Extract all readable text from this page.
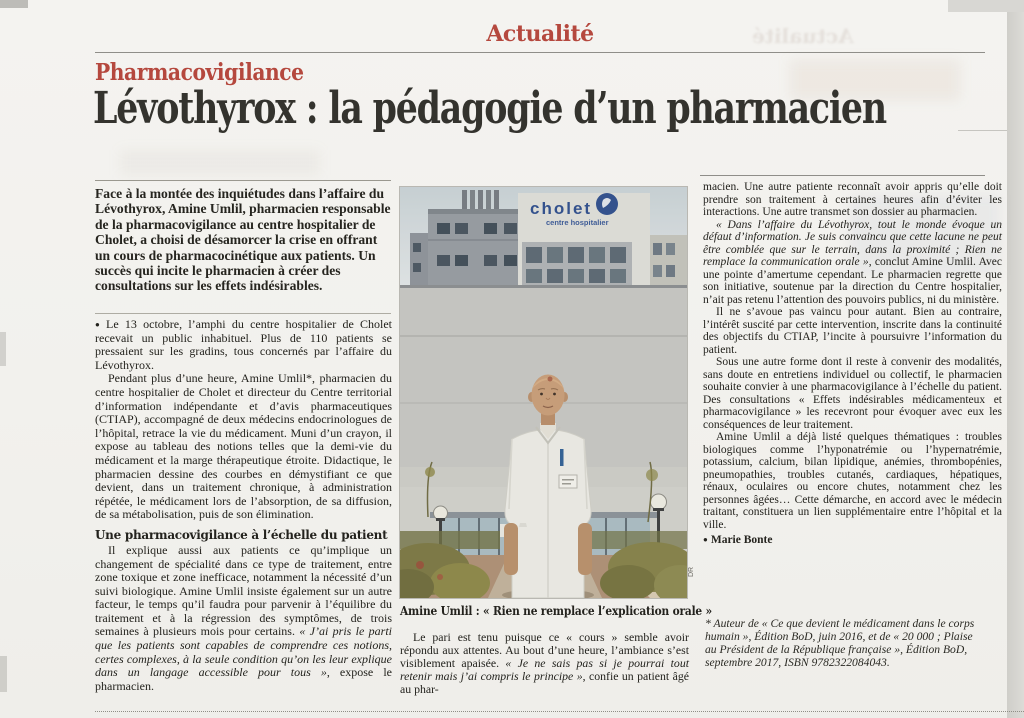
Actualité
Actualité
Pharmacovigilance
Lévothyrox : la pédagogie d’un pharmacien
Face à la montée des inquiétudes dans l’affaire du Lévothyrox, Amine Umlil, pharmacien responsable de la pharmacovigilance au centre hospitalier de Cholet, a choisi de désamorcer la crise en offrant un cours de pharmacocinétique aux patients. Un succès qui incite le pharmacien à créer des consultations sur les effets indésirables.

● Le 13 octobre, l’amphi du centre hospitalier de Cholet recevait un public inhabituel. Plus de 110 patients se pressaient sur les gradins, tous concernés par l’affaire du Lévothyrox.

Pendant plus d’une heure, Amine Umlil*, pharmacien du centre hospitalier de Cholet et directeur du Centre territorial d’information indépendante et d’avis pharmaceutiques (CTIAP), accompagné de deux médecins endocrinologues de l’hôpital, retrace la vie du médicament. Muni d’un crayon, il expose au tableau des notions telles que la demi-vie du médicament et la marge thérapeutique étroite. Didactique, le pharmacien dessine des courbes en démystifiant ce que devient, dans un traitement chronique, à administration répétée, le médicament lors de l’absorption, de sa diffusion, de sa métabolisation, puis de son élimination.

Une pharmacovigilance à l’échelle du patient

Il explique aussi aux patients ce qu’implique un changement de spécialité dans ce type de traitement, entre zone toxique et zone inefficace, notamment la nécessité d’un suivi biologique. Amine Umlil insiste également sur un autre facteur, le temps qu’il faudra pour parvenir à l’équilibre du traitement et à la régression des symptômes, de trois semaines à plusieurs mois pour certains. « J’ai pris le parti que les patients sont capables de comprendre ces notions, certes complexes, à la seule condition qu’on les leur explique dans un langage accessible pour tous », expose le pharmacien.

cholet
centre hospitalier
DR
Amine Umlil : « Rien ne remplace l’explication orale »

Le pari est tenu puisque ce « cours » semble avoir répondu aux attentes. Au bout d’une heure, l’ambiance s’est visiblement apaisée. « Je ne sais pas si je pourrai tout retenir mais j’ai compris le principe », confie un patient âgé au phar-

macien. Une autre patiente reconnaît avoir appris qu’elle doit prendre son traitement à certaines heures afin d’éviter les interactions. Une autre transmet son dossier au pharmacien.

« Dans l’affaire du Lévothyrox, tout le monde évoque un défaut d’information. Je suis convaincu que cette lacune ne peut être comblée que sur le terrain, dans la proximité ; Rien ne remplace la communication orale », conclut Amine Umlil. Avec une pointe d’amertume cependant. Le pharmacien regrette que son initiative, soutenue par la direction du Centre hospitalier, n’ait pas retenu l’attention des pouvoirs publics, ni du ministère.

Il ne s’avoue pas vaincu pour autant. Bien au contraire, l’intérêt suscité par cette intervention, inscrite dans la continuité des objectifs du CTIAP, l’incite à poursuivre l’information du patient.

Sous une autre forme dont il reste à convenir des modalités, sans doute en entretiens individuel ou collectif, le pharmacien souhaite convier à une pharmacovigilance à l’échelle du patient. Des consultations « Effets indésirables médicamenteux et pharmacovigilance » les recevront pour évoquer avec eux les conséquences de leur traitement.

Amine Umlil a déjà listé quelques thématiques : troubles biologiques comme l’hyponatrémie ou l’hypernatrémie, potassium, calcium, bilan lipidique, anémies, thrombopénies, pneumopathies, troubles cutanés, cardiaques, hépatiques, rénaux, oculaires ou encore chutes, notamment chez les personnes âgées… Cette démarche, en accord avec le médecin traitant, constituera un lien supplémentaire entre l’hôpital et la ville.

● Marie Bonte

* Auteur de « Ce que devient le médicament dans le corps humain », Édition BoD, juin 2016, et de « 20 000 ; Plaise au Président de la République française », Édition BoD, septembre 2017, ISBN 9782322084043.
